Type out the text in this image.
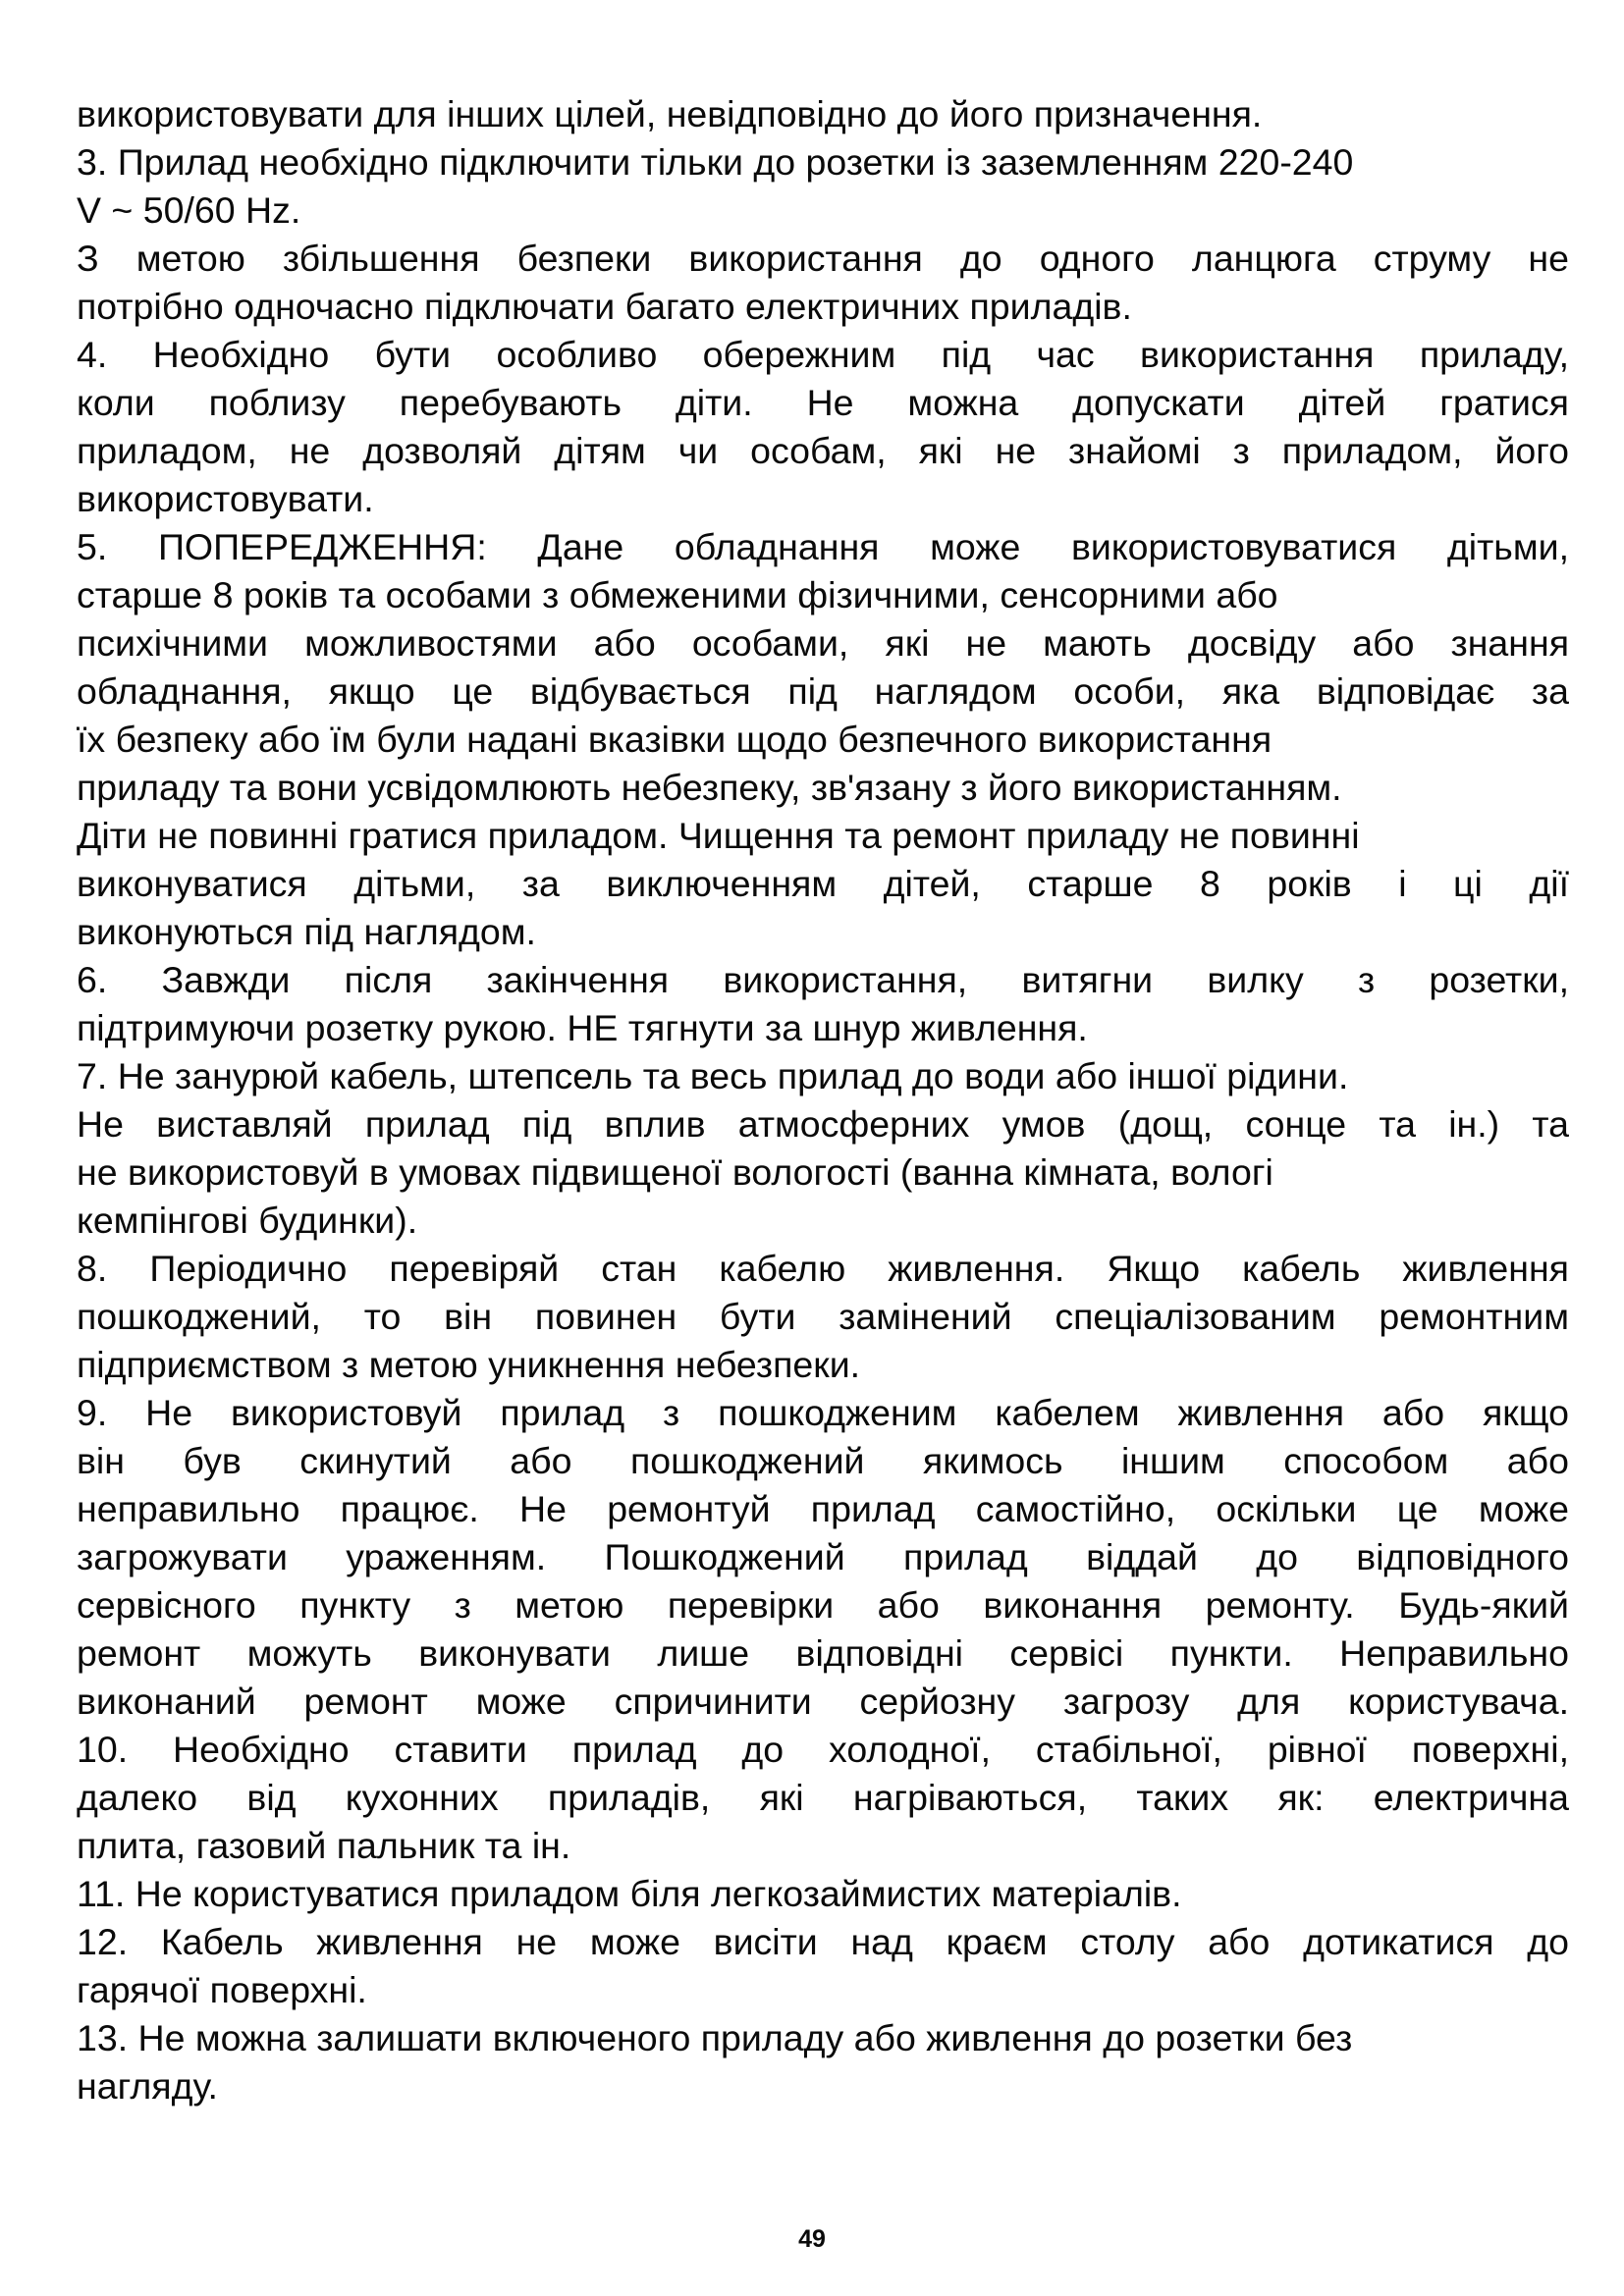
використовувати для інших цілей, невідповідно до його призначення.
3. Прилад необхідно підключити тільки до розетки із заземленням 220-240
V ~ 50/60 Hz.
З метою збільшення безпеки використання до одного ланцюга струму не
потрібно одночасно підключати багато електричних приладів.
4. Необхідно бути особливо обережним під час використання приладу,
коли поблизу перебувають діти. Не можна допускати дітей гратися
приладом, не дозволяй дітям чи особам, які не знайомі з приладом, його
використовувати.
5. ПОПЕРЕДЖЕННЯ: Дане обладнання може використовуватися дітьми,
старше 8 років та особами з обмеженими фізичними, сенсорними або
психічними можливостями або особами, які не мають досвіду або знання
обладнання, якщо це відбувається під наглядом особи, яка відповідає за
їх безпеку або їм були надані вказівки щодо безпечного використання
приладу та вони усвідомлюють небезпеку, зв'язану з його використанням.
Діти не повинні гратися приладом. Чищення та ремонт приладу не повинні
виконуватися дітьми, за виключенням дітей, старше 8 років і ці дії
виконуються під наглядом.
6. Завжди після закінчення використання, витягни вилку з розетки,
підтримуючи розетку рукою. НЕ тягнути за шнур живлення.
7. Не занурюй кабель, штепсель та весь прилад до води або іншої рідини.
Не виставляй прилад під вплив атмосферних умов (дощ, сонце та ін.) та
не використовуй в умовах підвищеної вологості (ванна кімната, вологі
кемпінгові будинки).
8. Періодично перевіряй стан кабелю живлення. Якщо кабель живлення
пошкоджений, то він повинен бути замінений спеціалізованим ремонтним
підприємством з метою уникнення небезпеки.
9. Не використовуй прилад з пошкодженим кабелем живлення або якщо
він був скинутий або пошкоджений якимось іншим способом або
неправильно працює. Не ремонтуй прилад самостійно, оскільки це може
загрожувати ураженням. Пошкоджений прилад віддай до відповідного
сервісного пункту з метою перевірки або виконання ремонту. Будь-який
ремонт можуть виконувати лише відповідні сервісі пункти. Неправильно
виконаний ремонт може спричинити серйозну загрозу для користувача.
10. Необхідно ставити прилад до холодної, стабільної, рівної поверхні,
далеко від кухонних приладів, які нагріваються, таких як: електрична
плита, газовий пальник та ін.
11. Не користуватися приладом біля легкозаймистих матеріалів.
12. Кабель живлення не може висіти над краєм столу або дотикатися до
гарячої поверхні.
13. Не можна залишати включеного приладу або живлення до розетки без
нагляду.
49
